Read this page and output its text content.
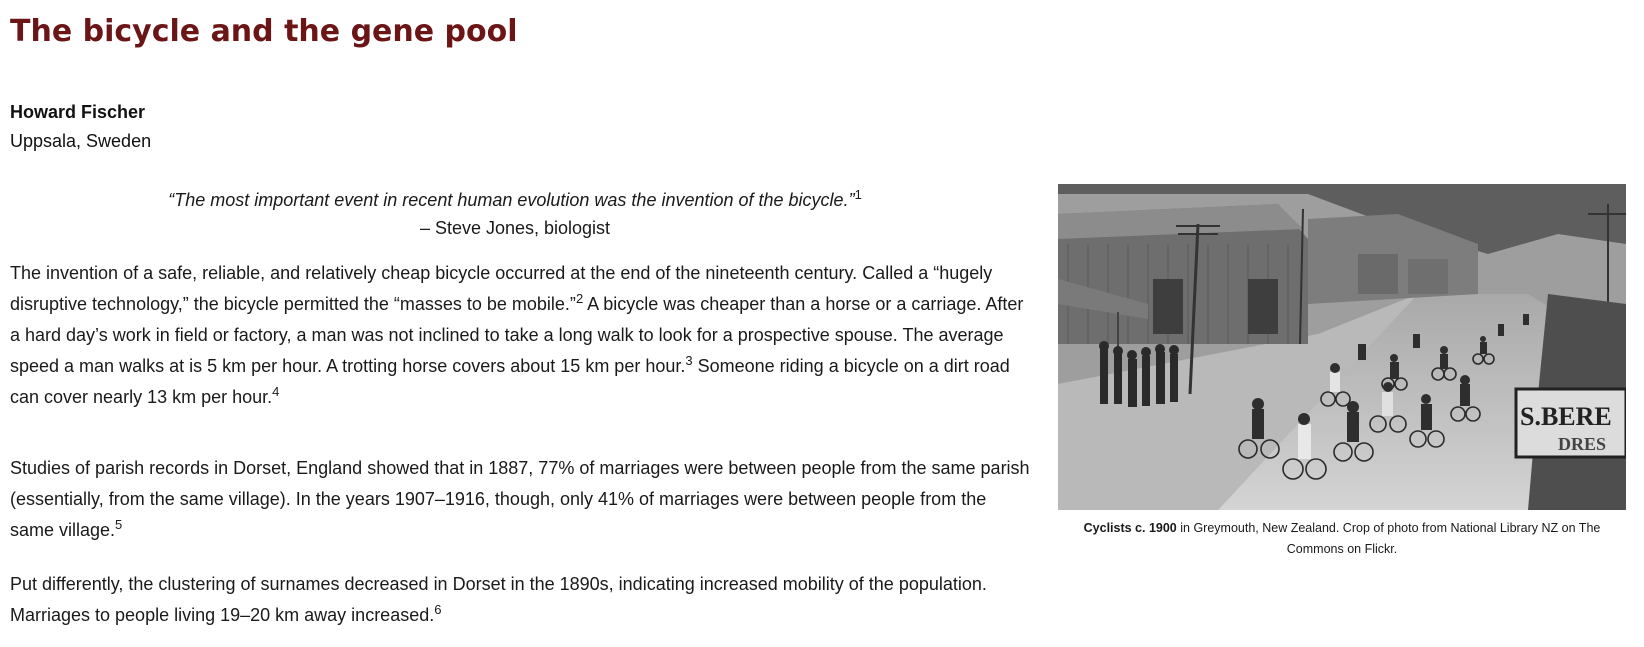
The bicycle and the gene pool
Howard Fischer
Uppsala, Sweden
“The most important event in recent human evolution was the invention of the bicycle.”$^1$
– Steve Jones, biologist

The invention of a safe, reliable, and relatively cheap bicycle occurred at the end of the nineteenth century. Called a “hugely disruptive technology,” the bicycle permitted the “masses to be mobile.”$^2$ A bicycle was cheaper than a horse or a carriage. After a hard day’s work in field or factory, a man was not inclined to take a long walk to look for a prospective spouse. The average speed a man walks at is 5 km per hour. A trotting horse covers about 15 km per hour.$^3$ Someone riding a bicycle on a dirt road can cover nearly 13 km per hour.$^4$

Studies of parish records in Dorset, England showed that in 1887, 77% of marriages were between people from the same parish (essentially, from the same village). In the years 1907–1916, though, only 41% of marriages were between people from the same village.$^5$

Put differently, the clustering of surnames decreased in Dorset in the 1890s, indicating increased mobility of the population. Marriages to people living 19–20 km away increased.$^6$

S.BERE
DRES
Cyclists c. 1900 in Greymouth, New Zealand. Crop of photo from National Library NZ on The Commons on Flickr.
